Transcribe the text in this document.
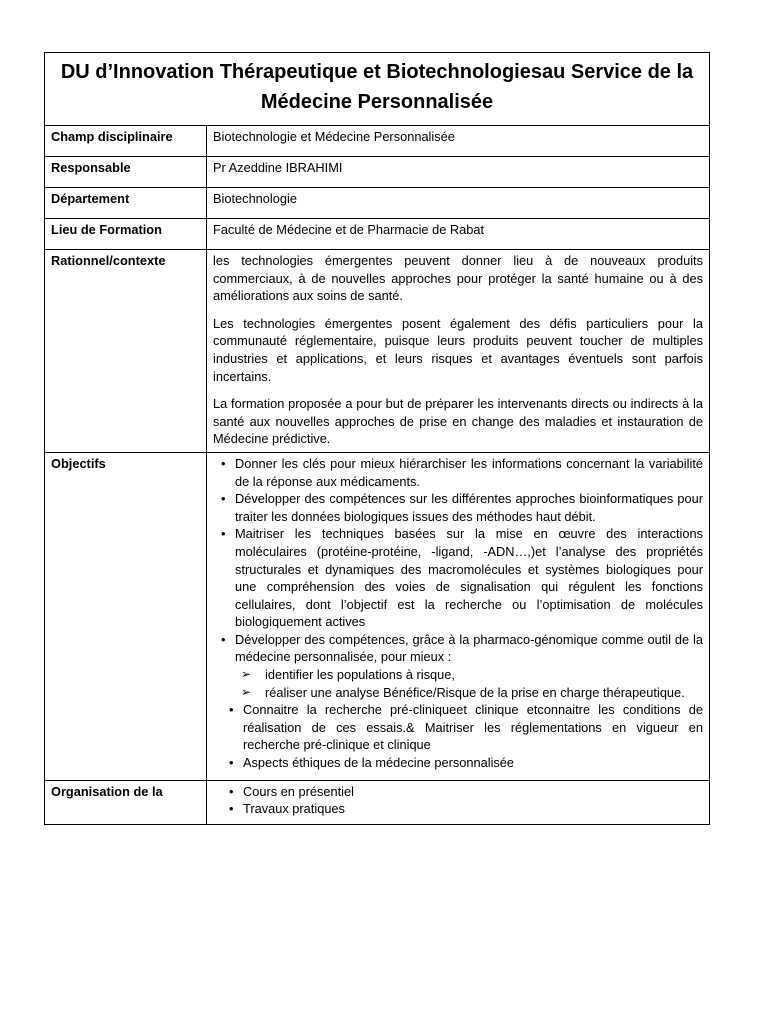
DU d’Innovation Thérapeutique et Biotechnologiesau Service de la Médecine Personnalisée
Champ disciplinaire	Biotechnologie et Médecine Personnalisée
Responsable	Pr Azeddine IBRAHIMI
Département	Biotechnologie
Lieu de Formation	Faculté de Médecine et de Pharmacie de Rabat
Rationnel/contexte	les technologies émergentes peuvent donner lieu à de nouveaux produits commerciaux, à de nouvelles approches pour protéger la santé humaine ou à des améliorations aux soins de santé.

Les technologies émergentes posent également des défis particuliers pour la communauté réglementaire, puisque leurs produits peuvent toucher de multiples industries et applications, et leurs risques et avantages éventuels sont parfois incertains.

La formation proposée a pour but de préparer les intervenants directs ou indirects à la santé aux nouvelles approches de prise en change des maladies et instauration de Médecine prédictive.

Objectifs	• Donner les clés pour mieux hiérarchiser les informations concernant la variabilité de la réponse aux médicaments.
• Développer des compétences sur les différentes approches bioinformatiques pour traiter les données biologiques issues des méthodes haut débit.
• Maitriser les techniques basées sur la mise en œuvre des interactions moléculaires (protéine-protéine, -ligand, -ADN…,)et l’analyse des propriétés structurales et dynamiques des macromolécules et systèmes biologiques pour une compréhension des voies de signalisation qui régulent les fonctions cellulaires, dont l’objectif est la recherche ou l’optimisation de molécules biologiquement actives
• Développer des compétences, grâce à la pharmaco-génomique comme outil de la médecine personnalisée, pour mieux :
➢ identifier les populations à risque,
➢ réaliser une analyse Bénéfice/Risque de la prise en charge thérapeutique.
• Connaitre la recherche pré-cliniqueet clinique etconnaitre les conditions de réalisation de ces essais.& Maitriser les réglementations en vigueur en recherche pré-clinique et clinique
• Aspects éthiques de la médecine personnalisée
Organisation de la	• Cours en présentiel
• Travaux pratiques
